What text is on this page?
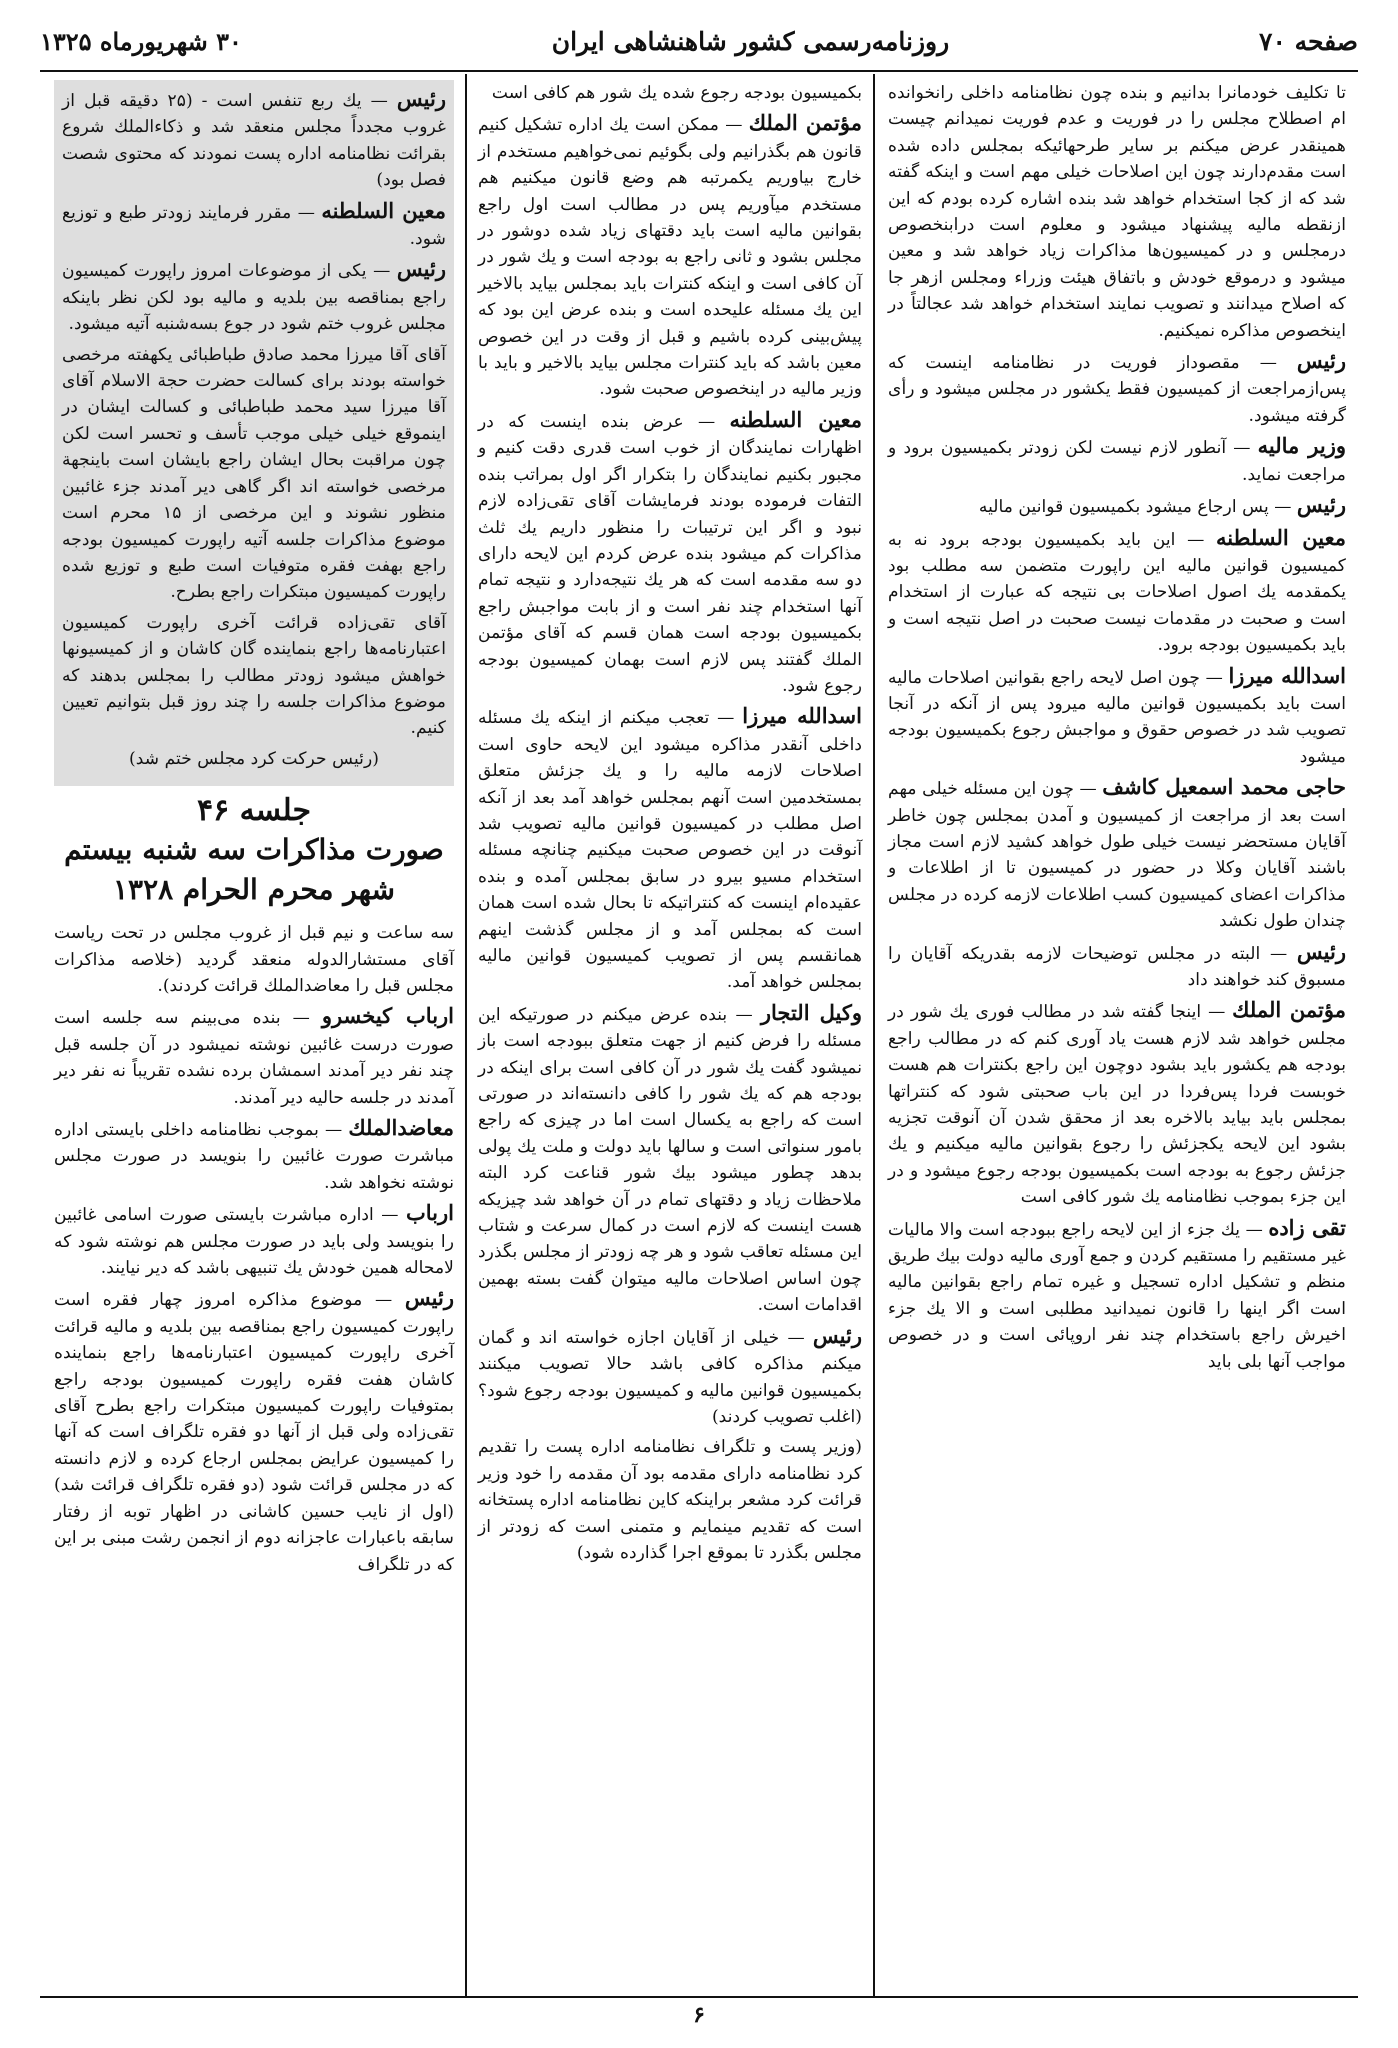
صفحه ۷۰
روزنامه‌رسمی کشور شاهنشاهی ایران
۳۰ شهریورماه ۱۳۲۵

تا تکلیف خودمانرا بدانیم و بنده چون نظامنامه داخلی رانخوانده ام اصطلاح مجلس را در فوریت و عدم فوریت نمیدانم چیست همینقدر عرض میکنم بر سایر طرحهائیکه بمجلس داده شده است مقدم‌دارند چون این اصلاحات خیلی مهم است و اینکه گفته شد که از کجا استخدام خواهد شد بنده اشاره کرده بودم که این ازنقطه مالیه پیشنهاد میشود و معلوم است درابنخصوص درمجلس و در کمیسیون‌ها مذاکرات زیاد خواهد شد و معین میشود و درموقع خودش و باتفاق هیئت وزراء ومجلس ازهر جا که اصلاح میدانند و تصویب نمایند استخدام خواهد شد عجالتاً در اینخصوص مذاکره نمیکنیم.

رئیس — مقصوداز فوریت در نظامنامه اینست که پس‌ازمراجعت از کمیسیون فقط یکشور در مجلس میشود و رأی گرفته میشود.

وزیر مالیه — آنطور لازم نیست لکن زودتر بکمیسیون برود و مراجعت نماید.

رئیس — پس ارجاع میشود بکمیسیون قوانین مالیه

معین السلطنه — این باید بکمیسیون بودجه برود نه به کمیسیون قوانین مالیه این راپورت متضمن سه مطلب بود یکمقدمه یك اصول اصلاحات بی نتیجه که عبارت از استخدام است و صحبت در مقدمات نیست صحبت در اصل نتیجه است و باید بکمیسیون بودجه برود.

اسدالله میرزا — چون اصل لایحه راجع بقوانین اصلاحات مالیه است باید بکمیسیون قوانین مالیه میرود پس از آنکه در آنجا تصویب شد در خصوص حقوق و مواجبش رجوع بکمیسیون بودجه میشود

حاجی محمد اسمعیل کاشف — چون این مسئله خیلی مهم است بعد از مراجعت از کمیسیون و آمدن بمجلس چون خاطر آقایان مستحضر نیست خیلی طول خواهد کشید لازم است مجاز باشند آقایان وکلا در حضور در کمیسیون تا از اطلاعات و مذاکرات اعضای کمیسیون کسب اطلاعات لازمه کرده در مجلس چندان طول نکشد

رئیس — البته در مجلس توضیحات لازمه بقدریکه آقایان را مسبوق کند خواهند داد

مؤتمن الملك — اینجا گفته شد در مطالب فوری یك شور در مجلس خواهد شد لازم هست یاد آوری کنم که در مطالب راجع بودجه هم یکشور باید بشود دوچون این راجع بکنترات هم هست خوبست فردا پس‌فردا در این باب صحبتی شود که کنتراتها بمجلس باید بیاید بالاخره بعد از محقق شدن آن آنوقت تجزیه بشود این لایحه یکجزئش را رجوع بقوانین مالیه میکنیم و یك جزئش رجوع به بودجه است بکمیسیون بودجه رجوع میشود و در این جزء بموجب نظامنامه یك شور کافی است

تقی زاده — یك جزء از این لایحه راجع ببودجه است والا مالیات غیر مستقیم را مستقیم کردن و جمع آوری مالیه دولت بیك طریق منظم و تشکیل اداره تسجیل و غیره تمام راجع بقوانین مالیه است اگر اینها را قانون نمیدانید مطلبی است و الا یك جزء اخیرش راجع باستخدام چند نفر اروپائی است و در خصوص مواجب آنها بلی باید

بکمیسیون بودجه رجوع شده یك شور هم کافی است

مؤتمن الملك — ممکن است یك اداره تشکیل کنیم قانون هم بگذرانیم ولی بگوئیم نمی‌خواهیم مستخدم از خارج بیاوریم یکمرتبه هم وضع قانون میکنیم هم مستخدم میآوریم پس در مطالب است اول راجع بقوانین مالیه است باید دقتهای زیاد شده دوشور در مجلس بشود و ثانی راجع به بودجه است و یك شور در آن کافی است و اینکه کنترات باید بمجلس بیاید بالاخیر این یك مسئله علیحده است و بنده عرض این بود که پیش‌بینی کرده باشیم و قبل از وقت در این خصوص معین باشد که باید کنترات مجلس بیاید بالاخیر و باید با وزیر مالیه در اینخصوص صحبت شود.

معین السلطنه — عرض بنده اینست که در اظهارات نمایندگان از خوب است قدری دقت کنیم و مجبور بکنیم نمایندگان را بتکرار اگر اول بمراتب بنده التفات فرموده بودند فرمایشات آقای تقی‌زاده لازم نبود و اگر این ترتیبات را منظور داریم یك ثلث مذاکرات کم میشود بنده عرض کردم این لایحه دارای دو سه مقدمه است که هر یك نتیجه‌دارد و نتیجه تمام آنها استخدام چند نفر است و از بابت مواجبش راجع بکمیسیون بودجه است همان قسم که آقای مؤتمن الملك گفتند پس لازم است بهمان کمیسیون بودجه رجوع شود.

اسدالله میرزا — تعجب میکنم از اینکه یك مسئله داخلی آنقدر مذاکره میشود این لایحه حاوی است اصلاحات لازمه مالیه را و یك جزئش متعلق بمستخدمین است آنهم بمجلس خواهد آمد بعد از آنکه اصل مطلب در کمیسیون قوانین مالیه تصویب شد آنوقت در این خصوص صحبت میکنیم چنانچه مسئله استخدام مسیو بیرو در سابق بمجلس آمده و بنده عقیده‌ام اینست که کنتراتیکه تا بحال شده است همان است که بمجلس آمد و از مجلس گذشت اینهم همانقسم پس از تصویب کمیسیون قوانین مالیه بمجلس خواهد آمد.

وکیل التجار — بنده عرض میکنم در صورتیکه این مسئله را فرض کنیم از جهت متعلق ببودجه است باز نمیشود گفت یك شور در آن کافی است برای اینکه در بودجه هم که یك شور را کافی دانسته‌اند در صورتی است که راجع به یکسال است اما در چیزی که راجع بامور سنواتی است و سالها باید دولت و ملت یك پولی بدهد چطور میشود بیك شور قناعت کرد البته ملاحظات زیاد و دقتهای تمام در آن خواهد شد چیزیکه هست اینست که لازم است در کمال سرعت و شتاب این مسئله تعاقب شود و هر چه زودتر از مجلس بگذرد چون اساس اصلاحات مالیه میتوان گفت بسته بهمین اقدامات است.

رئیس — خیلی از آقایان اجازه خواسته اند و گمان میکنم مذاکره کافی باشد حالا تصویب میکنند بکمیسیون قوانین مالیه و کمیسیون بودجه رجوع شود؟ (اغلب تصویب کردند)

(وزیر پست و تلگراف نظامنامه اداره پست را تقدیم کرد نظامنامه دارای مقدمه بود آن مقدمه را خود وزیر قرائت کرد مشعر براینکه کاین نظامنامه اداره پستخانه است که تقدیم مینمایم و متمنی است که زودتر از مجلس بگذرد تا بموقع اجرا گذارده شود)

رئیس — یك ربع تنفس است - (۲۵ دقیقه قبل از غروب مجدداً مجلس منعقد شد و ذکاءالملك شروع بقرائت نظامنامه اداره پست نمودند که محتوی شصت فصل بود)

معین السلطنه — مقرر فرمایند زودتر طبع و توزیع شود.

رئیس — یکی از موضوعات امروز راپورت کمیسیون راجع بمناقصه بین بلدیه و مالیه بود لکن نظر باینکه مجلس غروب ختم شود در جوع بسه‌شنبه آتیه میشود.

آقای آقا میرزا محمد صادق طباطبائی یکهفته مرخصی خواسته بودند برای کسالت حضرت حجة الاسلام آقای آقا میرزا سید محمد طباطبائی و کسالت ایشان در اینموقع خیلی خیلی موجب تأسف و تحسر است لکن چون مراقبت بحال ایشان راجع بایشان است باینجهة مرخصی خواسته اند اگر گاهی دیر آمدند جزء غائبین منظور نشوند و این مرخصی از ۱۵ محرم است موضوع مذاکرات جلسه آتیه راپورت کمیسیون بودجه راجع بهفت فقره متوفیات است طبع و توزیع شده راپورت کمیسیون مبتکرات راجع بطرح.

آقای تقی‌زاده قرائت آخری راپورت کمیسیون اعتبارنامه‌ها راجع بنماینده گان کاشان و از کمیسیونها خواهش میشود زودتر مطالب را بمجلس بدهند که موضوع مذاکرات جلسه را چند روز قبل بتوانیم تعیین کنیم.

(رئیس حرکت کرد مجلس ختم شد)

جلسه ۴۶
صورت مذاکرات سه شنبه بیستم
شهر محرم الحرام ۱۳۲۸

سه ساعت و نیم قبل از غروب مجلس در تحت ریاست آقای مستشارالدوله منعقد گردید (خلاصه مذاکرات مجلس قبل را معاضدالملك قرائت کردند).

ارباب کیخسرو — بنده می‌بینم سه جلسه است صورت درست غائبین نوشته نمیشود در آن جلسه قبل چند نفر دیر آمدند اسمشان برده نشده تقریباً نه نفر دیر آمدند در جلسه حالیه دیر آمدند.

معاضدالملك — بموجب نظامنامه داخلی بایستی اداره مباشرت صورت غائبین را بنویسد در صورت مجلس نوشته نخواهد شد.

ارباب — اداره مباشرت بایستی صورت اسامی غائبین را بنویسد ولی باید در صورت مجلس هم نوشته شود که لامحاله همین خودش یك تنبیهی باشد که دیر نیایند.

رئیس — موضوع مذاکره امروز چهار فقره است راپورت کمیسیون راجع بمناقصه بین بلدیه و مالیه قرائت آخری راپورت کمیسیون اعتبارنامه‌ها راجع بنماینده کاشان هفت فقره راپورت کمیسیون بودجه راجع بمتوفیات راپورت کمیسیون مبتکرات راجع بطرح آقای تقی‌زاده ولی قبل از آنها دو فقره تلگراف است که آنها را کمیسیون عرایض بمجلس ارجاع کرده و لازم دانسته که در مجلس قرائت شود (دو فقره تلگراف قرائت شد) (اول از نایب حسین کاشانی در اظهار توبه از رفتار سابقه باعبارات عاجزانه دوم از انجمن رشت مبنی بر این که در تلگراف

۶
